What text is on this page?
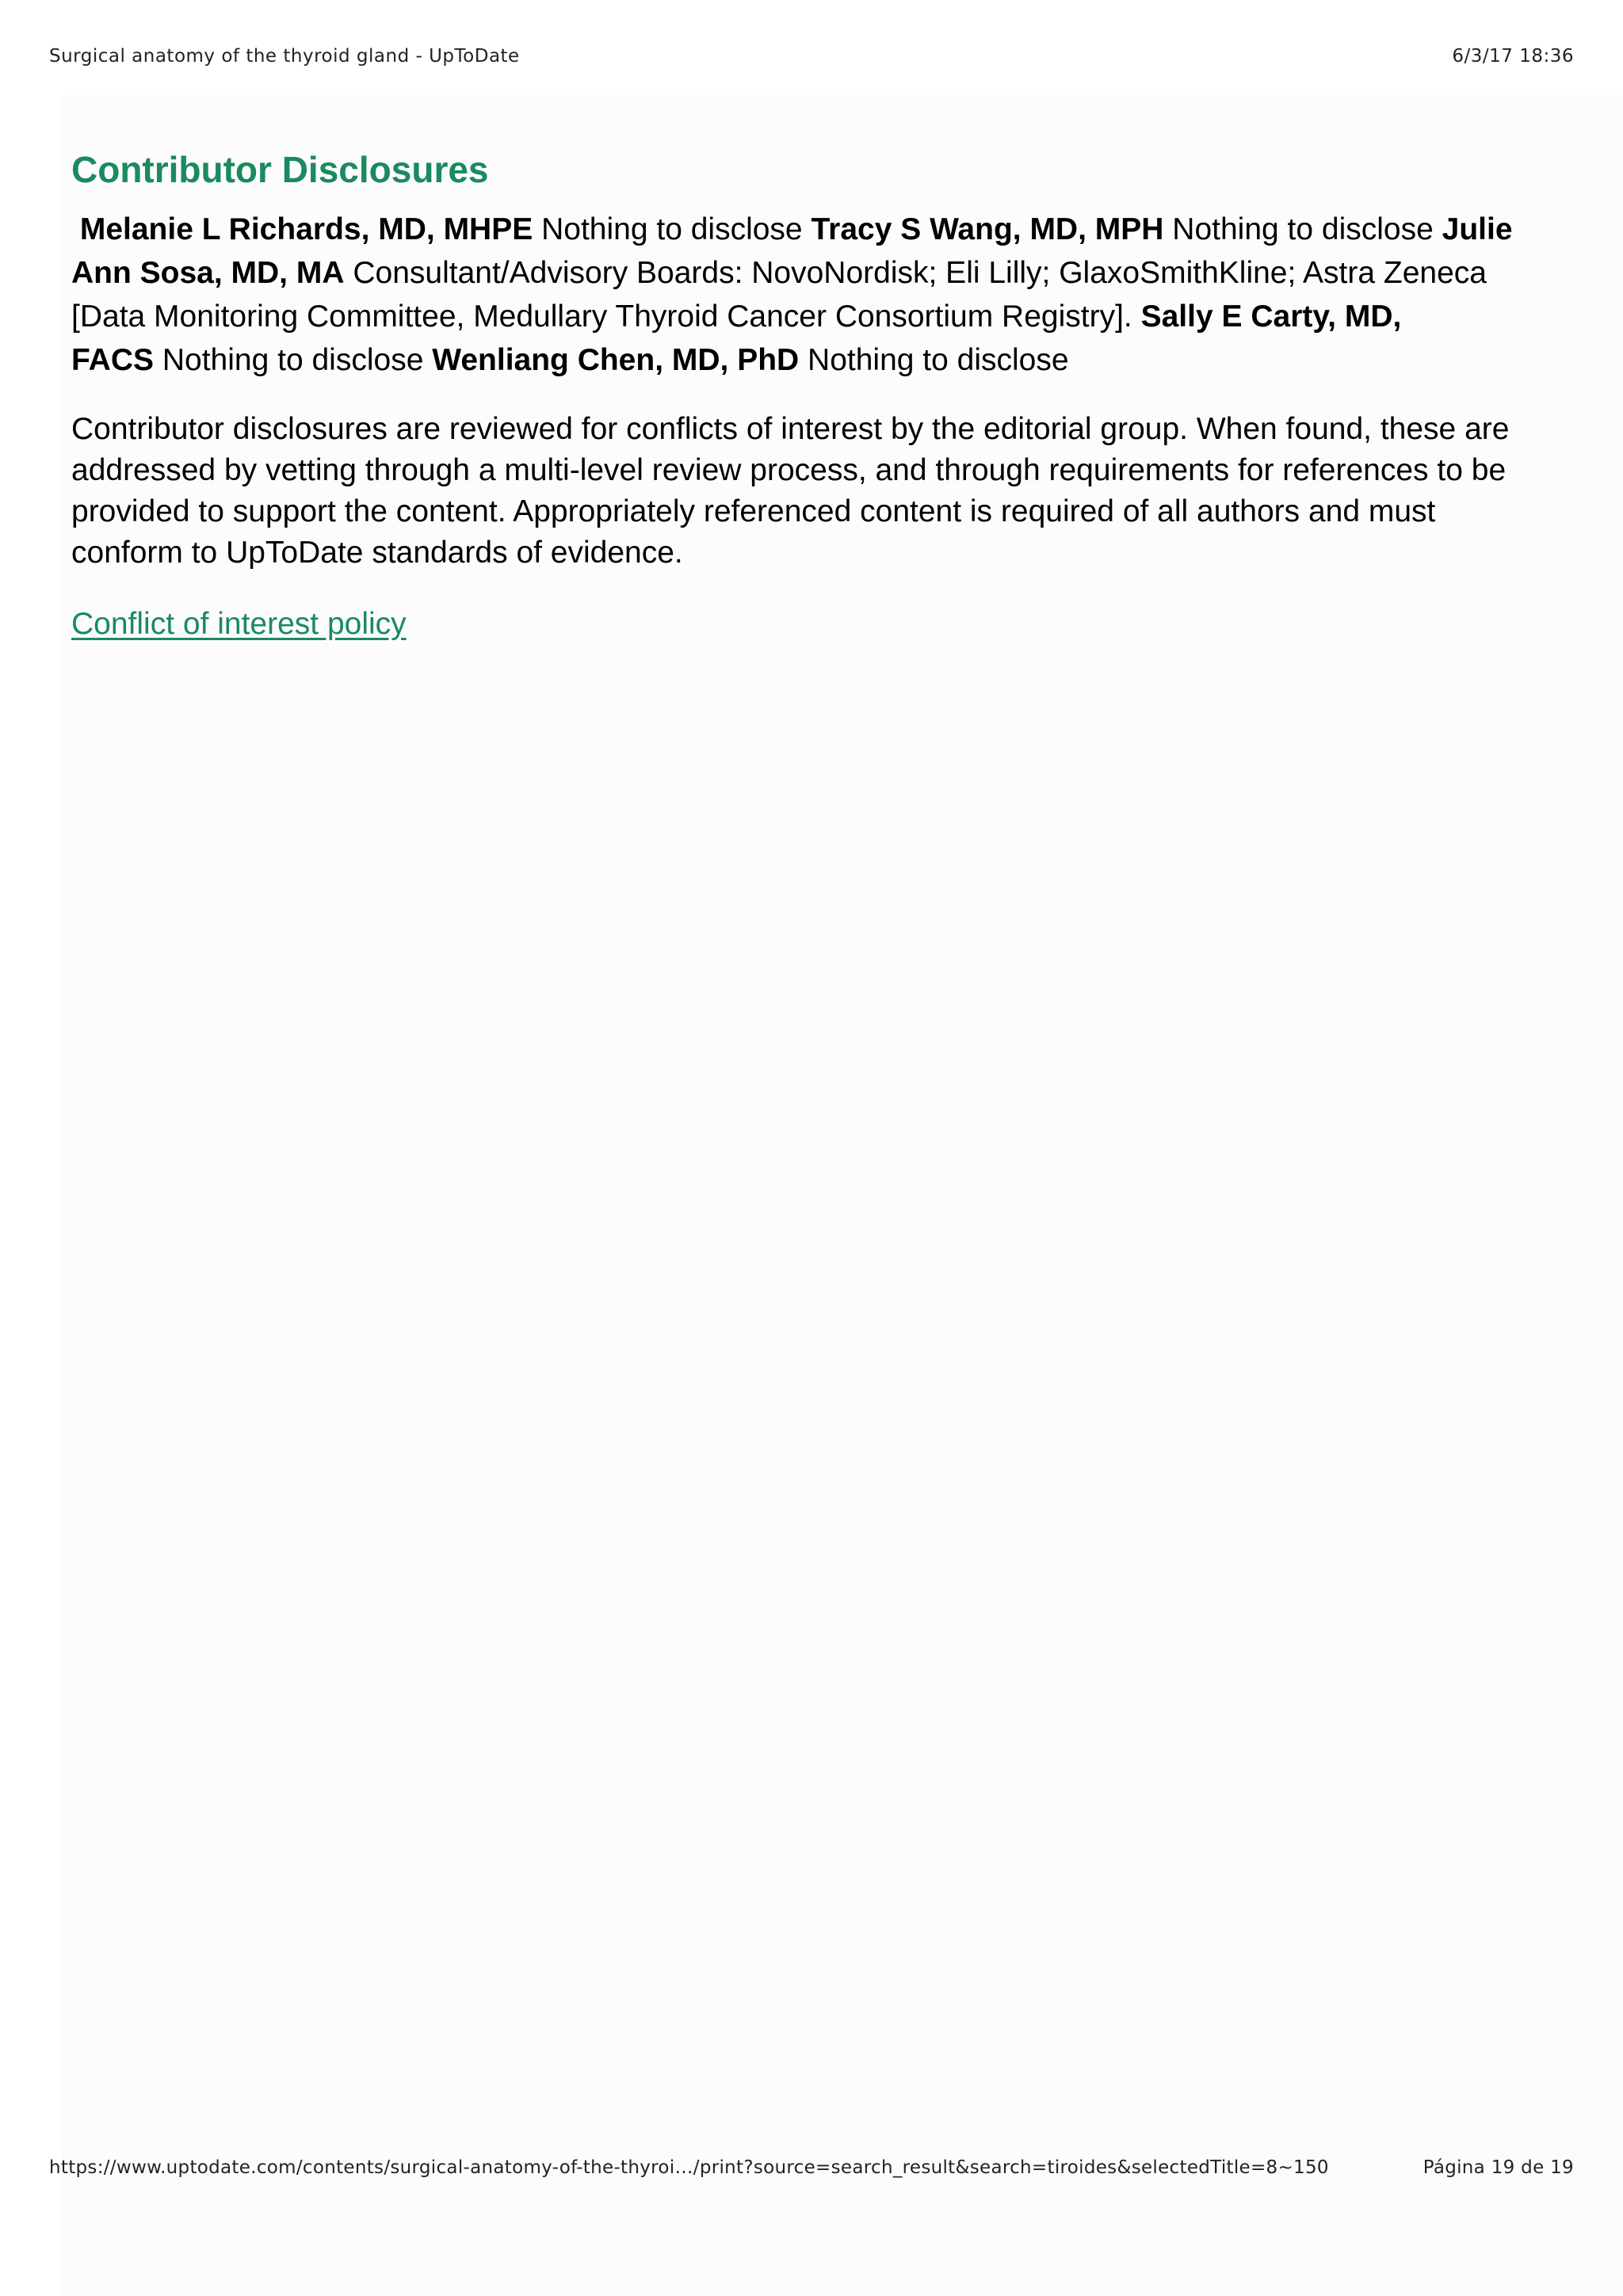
Surgical anatomy of the thyroid gland - UpToDate	6/3/17 18:36
Contributor Disclosures

Melanie L Richards, MD, MHPE Nothing to disclose Tracy S Wang, MD, MPH Nothing to disclose Julie Ann Sosa, MD, MA Consultant/Advisory Boards: NovoNordisk; Eli Lilly; GlaxoSmithKline; Astra Zeneca [Data Monitoring Committee, Medullary Thyroid Cancer Consortium Registry]. Sally E Carty, MD, FACS Nothing to disclose Wenliang Chen, MD, PhD Nothing to disclose

Contributor disclosures are reviewed for conflicts of interest by the editorial group. When found, these are addressed by vetting through a multi-level review process, and through requirements for references to be provided to support the content. Appropriately referenced content is required of all authors and must conform to UpToDate standards of evidence.

Conflict of interest policy
https://www.uptodate.com/contents/surgical-anatomy-of-the-thyroi…/print?source=search_result&search=tiroides&selectedTitle=8~150	Página 19 de 19
